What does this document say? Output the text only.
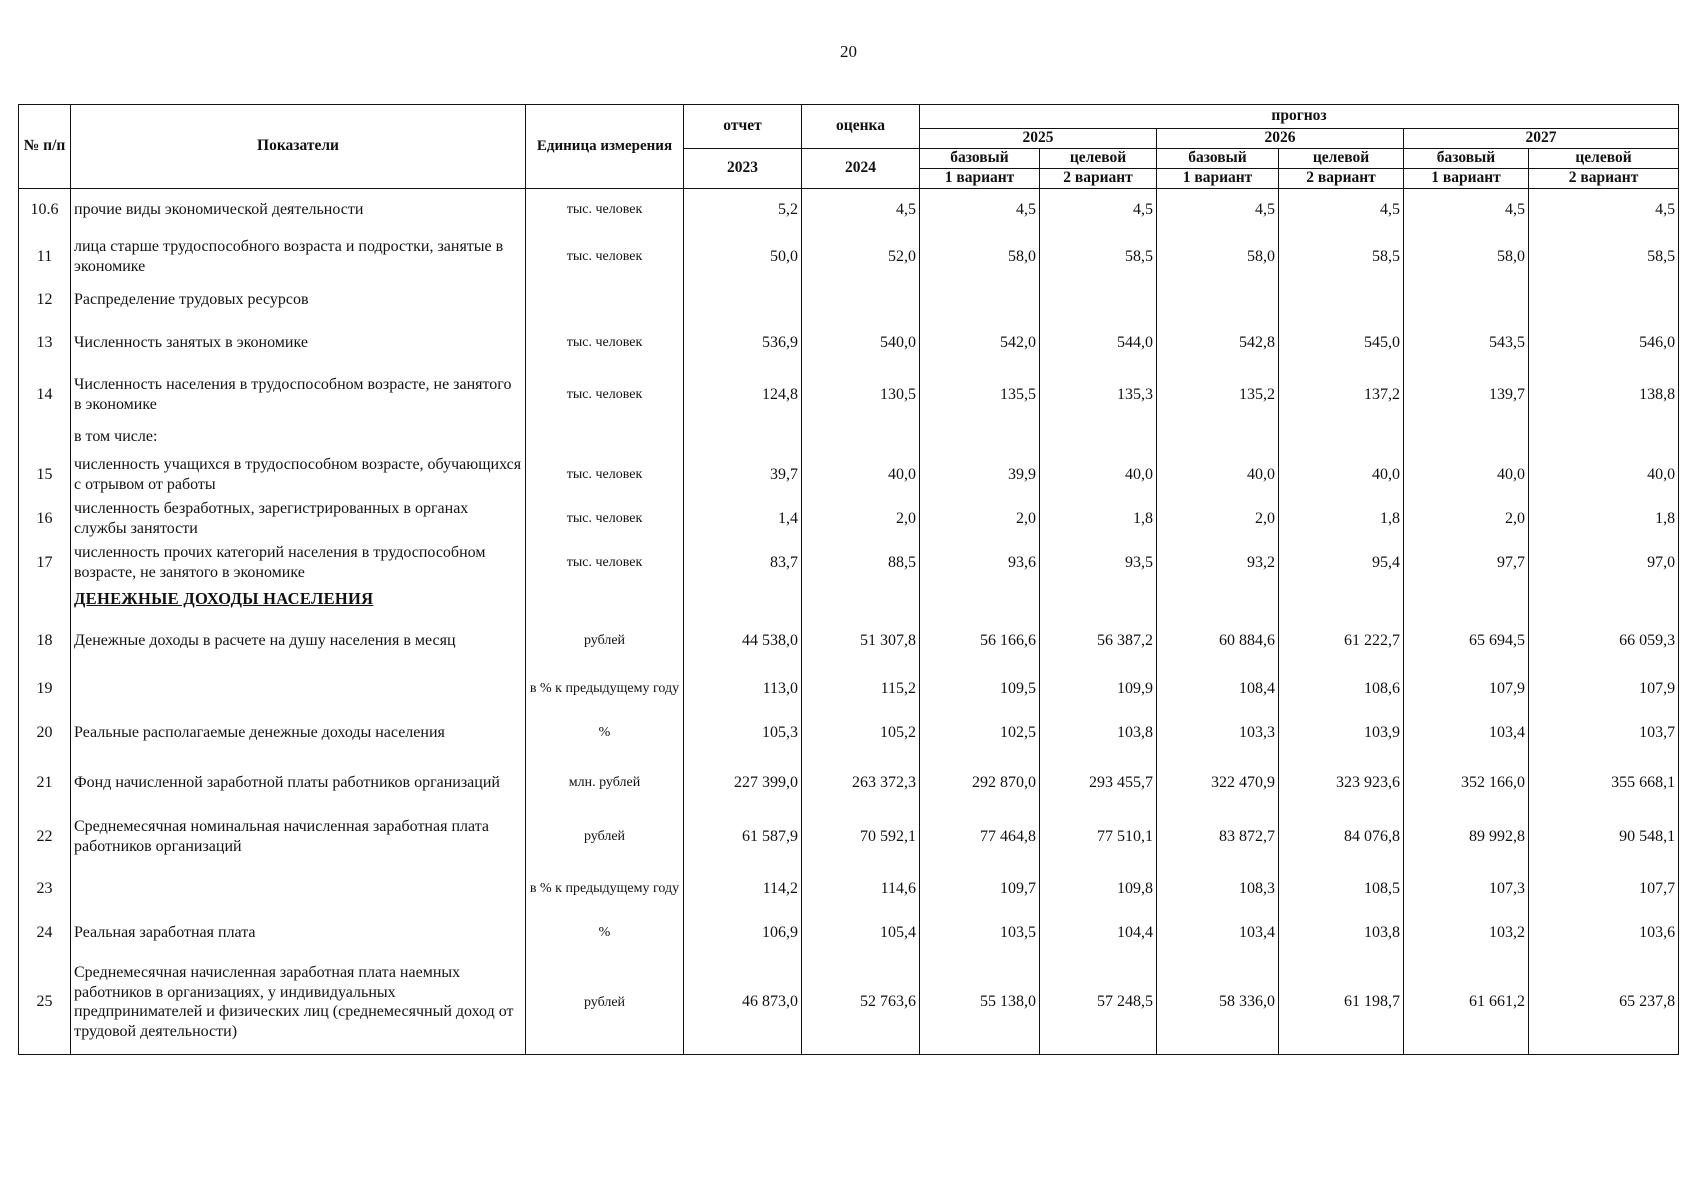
20
№ п/п	Показатели	Единица измерения	отчет	оценка	прогноз					
					2025		2026		2027	
			2023	2024	базовый	целевой	базовый	целевой	базовый	целевой
					1 вариант	2 вариант	1 вариант	2 вариант	1 вариант	2 вариант
10.6	прочие виды экономической деятельности	тыс. человек	5,2	4,5	4,5	4,5	4,5	4,5	4,5	4,5
11	лица старше трудоспособного возраста и подростки, занятые в экономике	тыс. человек	50,0	52,0	58,0	58,5	58,0	58,5	58,0	58,5
12	Распределение трудовых ресурсов									
13	Численность занятых в экономике	тыс. человек	536,9	540,0	542,0	544,0	542,8	545,0	543,5	546,0
14	Численность населения в трудоспособном возрасте, не занятого в экономике	тыс. человек	124,8	130,5	135,5	135,3	135,2	137,2	139,7	138,8
	в том числе:									
15	численность учащихся в трудоспособном возрасте, обучающихся с отрывом от работы	тыс. человек	39,7	40,0	39,9	40,0	40,0	40,0	40,0	40,0
16	численность безработных, зарегистрированных в органах службы занятости	тыс. человек	1,4	2,0	2,0	1,8	2,0	1,8	2,0	1,8
17	численность прочих категорий населения в трудоспособном возрасте, не занятого в экономике	тыс. человек	83,7	88,5	93,6	93,5	93,2	95,4	97,7	97,0
	ДЕНЕЖНЫЕ ДОХОДЫ НАСЕЛЕНИЯ									
18	Денежные доходы в расчете на душу населения в месяц	рублей	44 538,0	51 307,8	56 166,6	56 387,2	60 884,6	61 222,7	65 694,5	66 059,3
19		в % к предыдущему году	113,0	115,2	109,5	109,9	108,4	108,6	107,9	107,9
20	Реальные располагаемые денежные доходы населения	%	105,3	105,2	102,5	103,8	103,3	103,9	103,4	103,7
21	Фонд начисленной заработной платы работников организаций	млн. рублей	227 399,0	263 372,3	292 870,0	293 455,7	322 470,9	323 923,6	352 166,0	355 668,1
22	Среднемесячная номинальная начисленная заработная плата работников организаций	рублей	61 587,9	70 592,1	77 464,8	77 510,1	83 872,7	84 076,8	89 992,8	90 548,1
23		в % к предыдущему году	114,2	114,6	109,7	109,8	108,3	108,5	107,3	107,7
24	Реальная заработная плата	%	106,9	105,4	103,5	104,4	103,4	103,8	103,2	103,6
25	Среднемесячная начисленная заработная плата наемных работников в организациях, у индивидуальных предпринимателей и физических лиц (среднемесячный доход от трудовой деятельности)	рублей	46 873,0	52 763,6	55 138,0	57 248,5	58 336,0	61 198,7	61 661,2	65 237,8
